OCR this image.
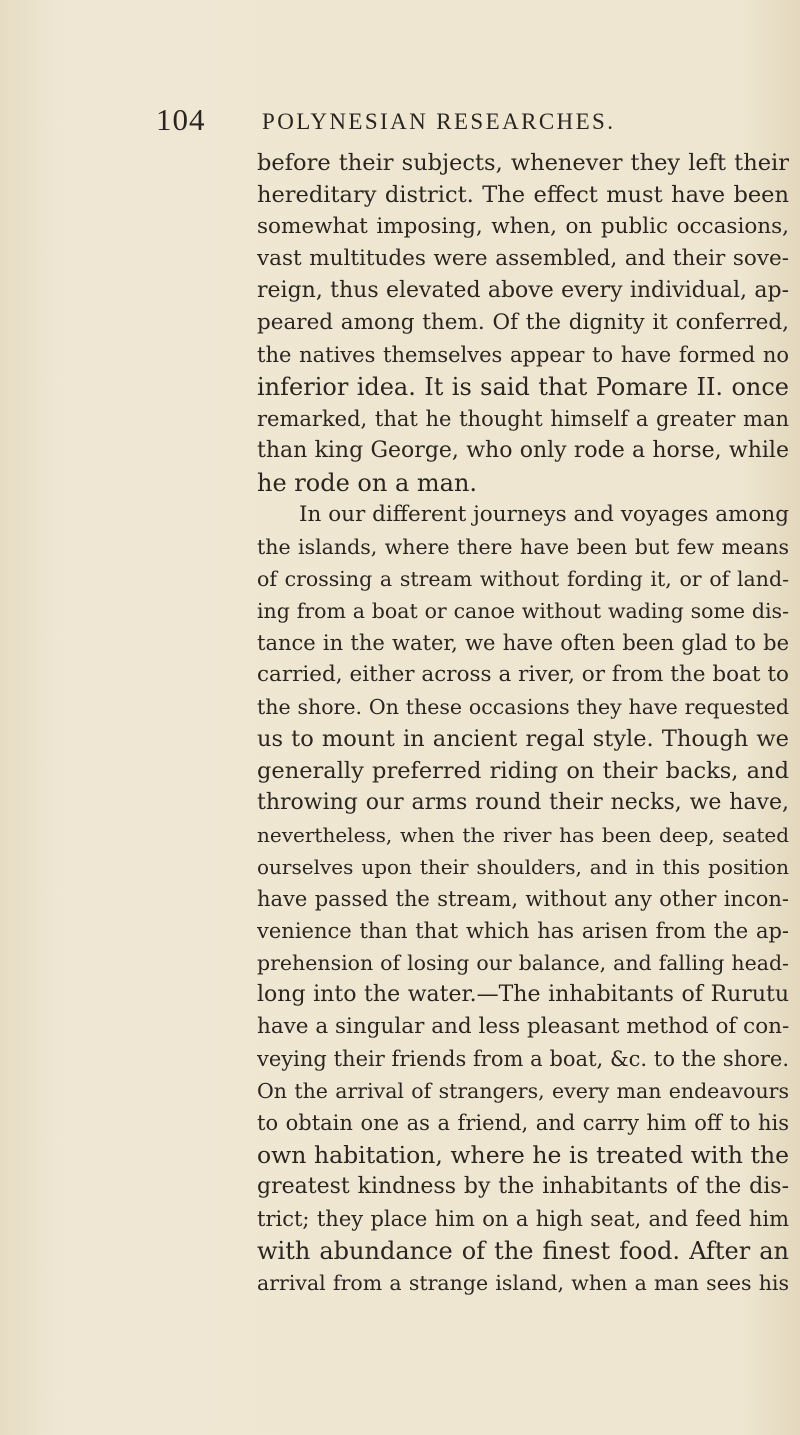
104 POLYNESIAN RESEARCHES.
before their subjects, whenever they left their
hereditary district. The effect must have been
somewhat imposing, when, on public occasions,
vast multitudes were assembled, and their sove-
reign, thus elevated above every individual, ap-
peared among them. Of the dignity it conferred,
the natives themselves appear to have formed no
inferior idea. It is said that Pomare II. once
remarked, that he thought himself a greater man
than king George, who only rode a horse, while
he rode on a man.
In our different journeys and voyages among
the islands, where there have been but few means
of crossing a stream without fording it, or of land-
ing from a boat or canoe without wading some dis-
tance in the water, we have often been glad to be
carried, either across a river, or from the boat to
the shore. On these occasions they have requested
us to mount in ancient regal style. Though we
generally preferred riding on their backs, and
throwing our arms round their necks, we have,
nevertheless, when the river has been deep, seated
ourselves upon their shoulders, and in this position
have passed the stream, without any other incon-
venience than that which has arisen from the ap-
prehension of losing our balance, and falling head-
long into the water.—The inhabitants of Rurutu
have a singular and less pleasant method of con-
veying their friends from a boat, &c. to the shore.
On the arrival of strangers, every man endeavours
to obtain one as a friend, and carry him off to his
own habitation, where he is treated with the
greatest kindness by the inhabitants of the dis-
trict; they place him on a high seat, and feed him
with abundance of the finest food. After an
arrival from a strange island, when a man sees his
